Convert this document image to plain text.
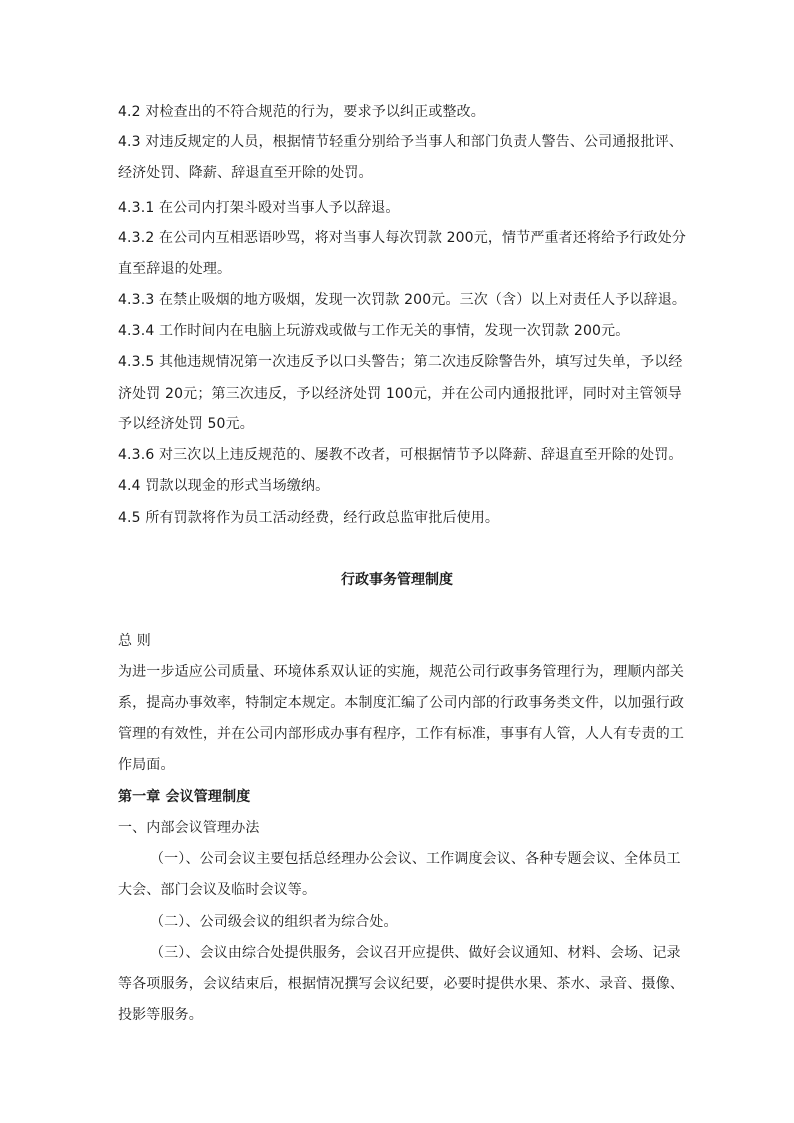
4.2 对检查出的不符合规范的行为，要求予以纠正或整改。
4.3 对违反规定的人员，根据情节轻重分别给予当事人和部门负责人警告、公司通报批评、
经济处罚、降薪、辞退直至开除的处罚。
4.3.1 在公司内打架斗殴对当事人予以辞退。
4.3.2 在公司内互相恶语吵骂，将对当事人每次罚款 200元，情节严重者还将给予行政处分
直至辞退的处理。
4.3.3 在禁止吸烟的地方吸烟，发现一次罚款 200元。三次（含）以上对责任人予以辞退。
4.3.4 工作时间内在电脑上玩游戏或做与工作无关的事情，发现一次罚款 200元。
4.3.5 其他违规情况第一次违反予以口头警告；第二次违反除警告外，填写过失单，予以经
济处罚 20元；第三次违反，予以经济处罚 100元，并在公司内通报批评，同时对主管领导
予以经济处罚 50元。
4.3.6 对三次以上违反规范的、屡教不改者，可根据情节予以降薪、辞退直至开除的处罚。
4.4 罚款以现金的形式当场缴纳。
4.5 所有罚款将作为员工活动经费，经行政总监审批后使用。
行政事务管理制度
总 则
为进一步适应公司质量、环境体系双认证的实施，规范公司行政事务管理行为，理顺内部关
系，提高办事效率，特制定本规定。本制度汇编了公司内部的行政事务类文件，以加强行政
管理的有效性，并在公司内部形成办事有程序，工作有标准，事事有人管，人人有专责的工
作局面。
第一章 会议管理制度
一、内部会议管理办法
（一）、公司会议主要包括总经理办公会议、工作调度会议、各种专题会议、全体员工
大会、部门会议及临时会议等。
（二）、公司级会议的组织者为综合处。
（三）、会议由综合处提供服务，会议召开应提供、做好会议通知、材料、会场、记录
等各项服务，会议结束后，根据情况撰写会议纪要，必要时提供水果、茶水、录音、摄像、
投影等服务。
